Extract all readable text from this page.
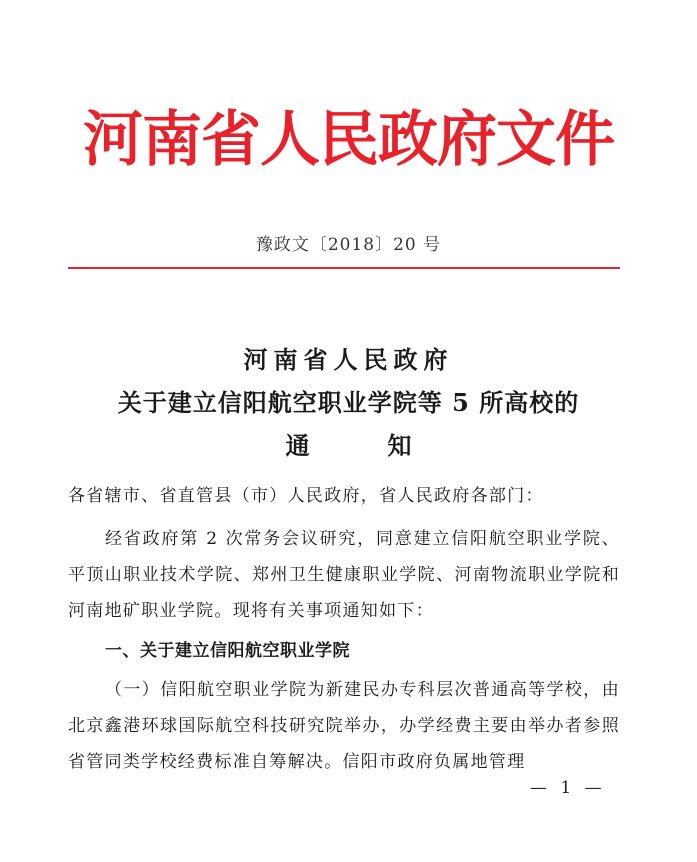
河南省人民政府文件
豫政文〔2018〕20 号
河南省人民政府
关于建立信阳航空职业学院等 5 所高校的
通	知
各省辖市、省直管县（市）人民政府，省人民政府各部门：
经省政府第 2 次常务会议研究，同意建立信阳航空职业学院、平顶山职业技术学院、郑州卫生健康职业学院、河南物流职业学院和河南地矿职业学院。现将有关事项通知如下：
一、关于建立信阳航空职业学院
（一）信阳航空职业学院为新建民办专科层次普通高等学校，由北京鑫港环球国际航空科技研究院举办，办学经费主要由举办者参照省管同类学校经费标准自筹解决。信阳市政府负属地管理
— 1 —
